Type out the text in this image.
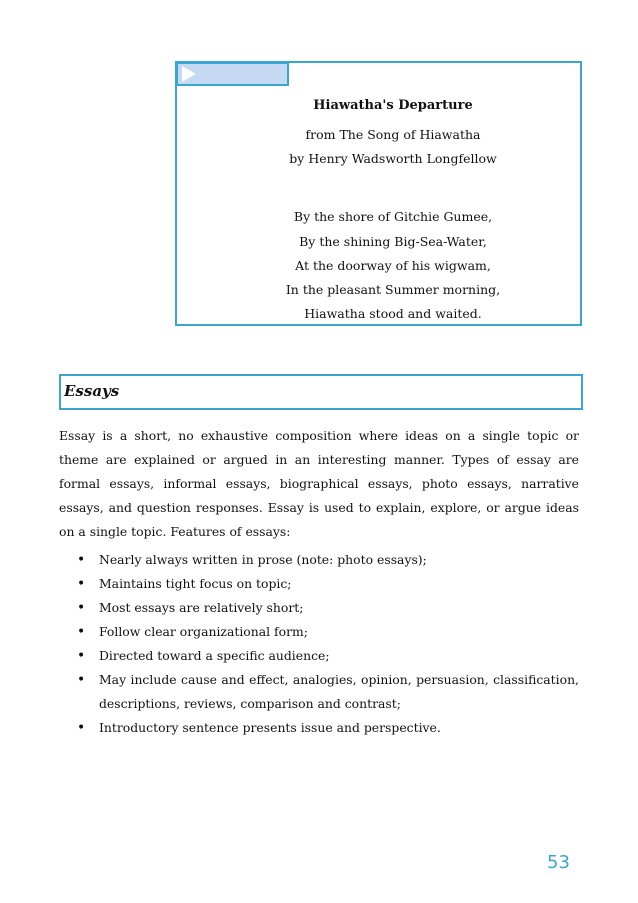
Hiawatha's Departure
from The Song of Hiawatha
by Henry Wadsworth Longfellow
By the shore of Gitchie Gumee,
By the shining Big-Sea-Water,
At the doorway of his wigwam,
In the pleasant Summer morning,
Hiawatha stood and waited.
Essays

Essay is a short, no exhaustive composition where ideas on a single topic or theme are explained or argued in an interesting manner. Types of essay are formal essays, informal essays, biographical essays, photo essays, narrative essays, and question responses. Essay is used to explain, explore, or argue ideas on a single topic. Features of essays:

• Nearly always written in prose (note: photo essays);
• Maintains tight focus on topic;
• Most essays are relatively short;
• Follow clear organizational form;
• Directed toward a specific audience;
• May include cause and effect, analogies, opinion, persuasion, classification, descriptions, reviews, comparison and contrast;
• Introductory sentence presents issue and perspective.
53
